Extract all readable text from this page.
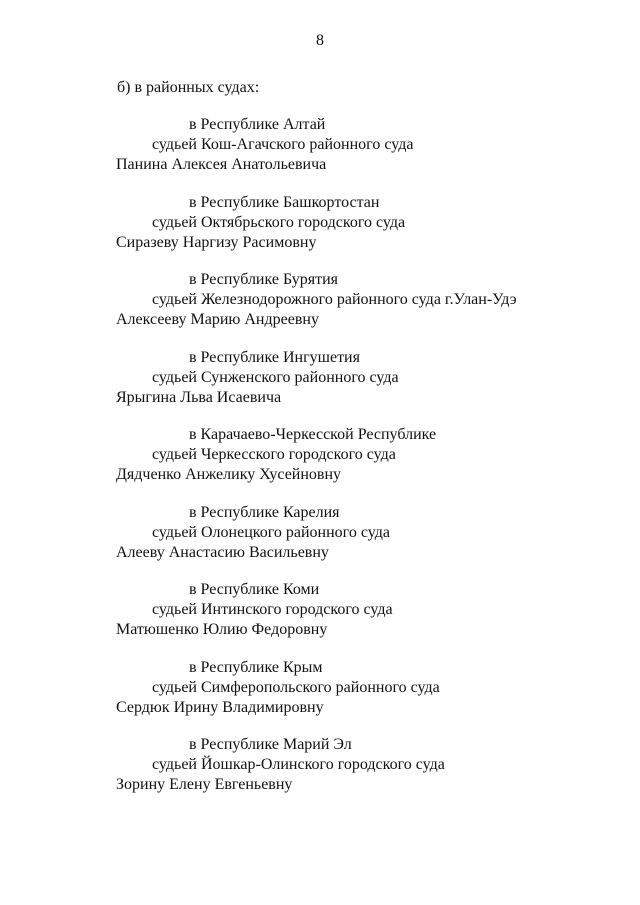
8
б) в районных судах:
в Республике Алтай
судьей Кош-Агачского районного суда
Панина Алексея Анатольевича
в Республике Башкортостан
судьей Октябрьского городского суда
Сиразеву Наргизу Расимовну
в Республике Бурятия
судьей Железнодорожного районного суда г.Улан-Удэ
Алексееву Марию Андреевну
в Республике Ингушетия
судьей Сунженского районного суда
Ярыгина Льва Исаевича
в Карачаево-Черкесской Республике
судьей Черкесского городского суда
Дядченко Анжелику Хусейновну
в Республике Карелия
судьей Олонецкого районного суда
Алееву Анастасию Васильевну
в Республике Коми
судьей Интинского городского суда
Матюшенко Юлию Федоровну
в Республике Крым
судьей Симферопольского районного суда
Сердюк Ирину Владимировну
в Республике Марий Эл
судьей Йошкар-Олинского городского суда
Зорину Елену Евгеньевну
